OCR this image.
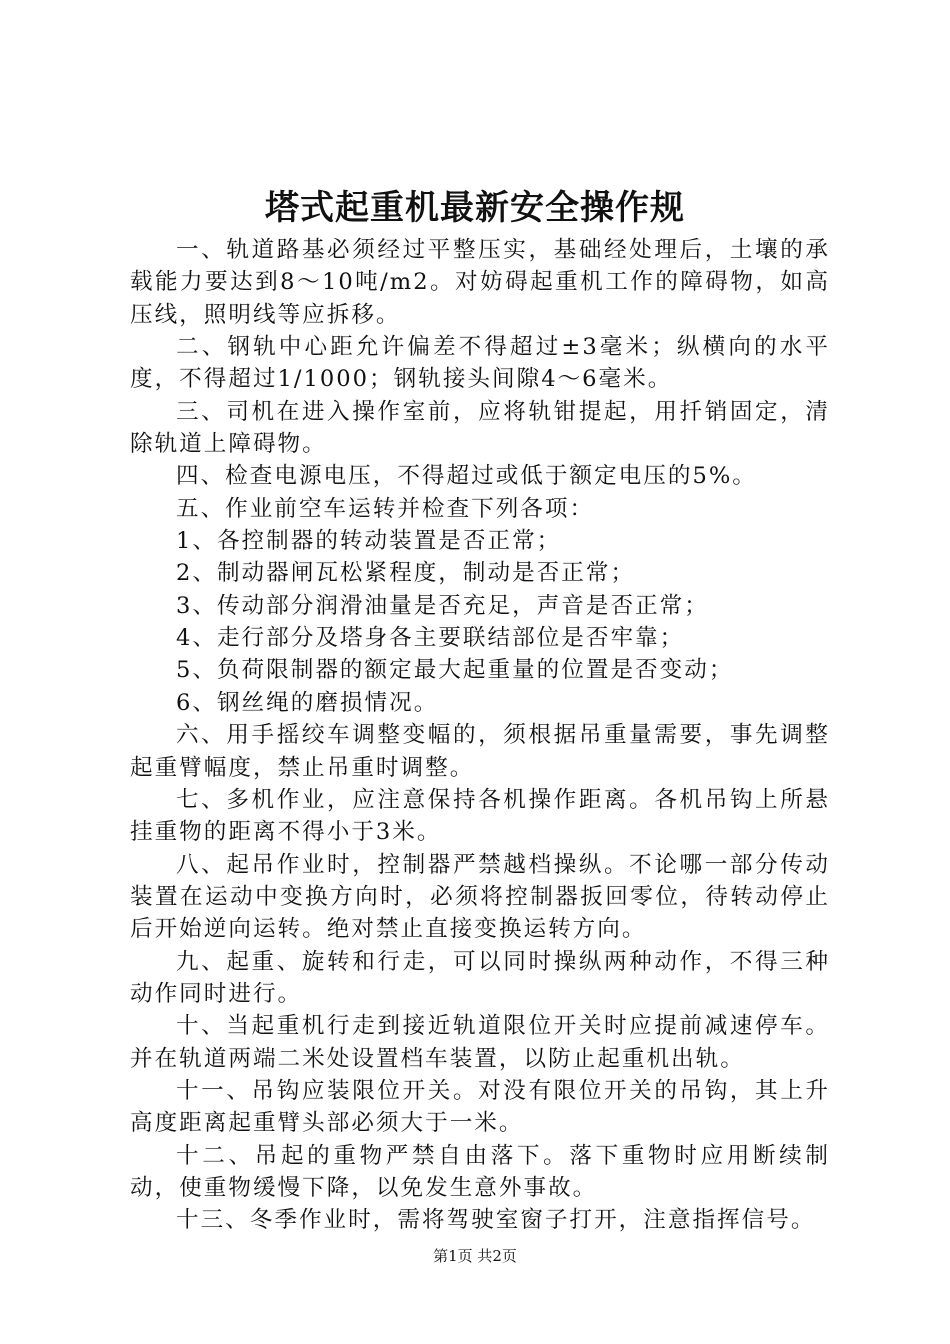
塔式起重机最新安全操作规

一、轨道路基必须经过平整压实，基础经处理后，土壤的承载能力要达到8～10吨/m2。对妨碍起重机工作的障碍物，如高压线，照明线等应拆移。

二、钢轨中心距允许偏差不得超过±3毫米；纵横向的水平度，不得超过1/1000；钢轨接头间隙4～6毫米。

三、司机在进入操作室前，应将轨钳提起，用扦销固定，清除轨道上障碍物。

四、检查电源电压，不得超过或低于额定电压的5%。

五、作业前空车运转并检查下列各项：

1、各控制器的转动装置是否正常；

2、制动器闸瓦松紧程度，制动是否正常；

3、传动部分润滑油量是否充足，声音是否正常；

4、走行部分及塔身各主要联结部位是否牢靠；

5、负荷限制器的额定最大起重量的位置是否变动；

6、钢丝绳的磨损情况。

六、用手摇绞车调整变幅的，须根据吊重量需要，事先调整起重臂幅度，禁止吊重时调整。

七、多机作业，应注意保持各机操作距离。各机吊钩上所悬挂重物的距离不得小于3米。

八、起吊作业时，控制器严禁越档操纵。不论哪一部分传动装置在运动中变换方向时，必须将控制器扳回零位，待转动停止后开始逆向运转。绝对禁止直接变换运转方向。

九、起重、旋转和行走，可以同时操纵两种动作，不得三种动作同时进行。

十、当起重机行走到接近轨道限位开关时应提前减速停车。并在轨道两端二米处设置档车装置，以防止起重机出轨。

十一、吊钩应装限位开关。对没有限位开关的吊钩，其上升高度距离起重臂头部必须大于一米。

十二、吊起的重物严禁自由落下。落下重物时应用断续制动，使重物缓慢下降，以免发生意外事故。

十三、冬季作业时，需将驾驶室窗子打开，注意指挥信号。

第1页 共2页
